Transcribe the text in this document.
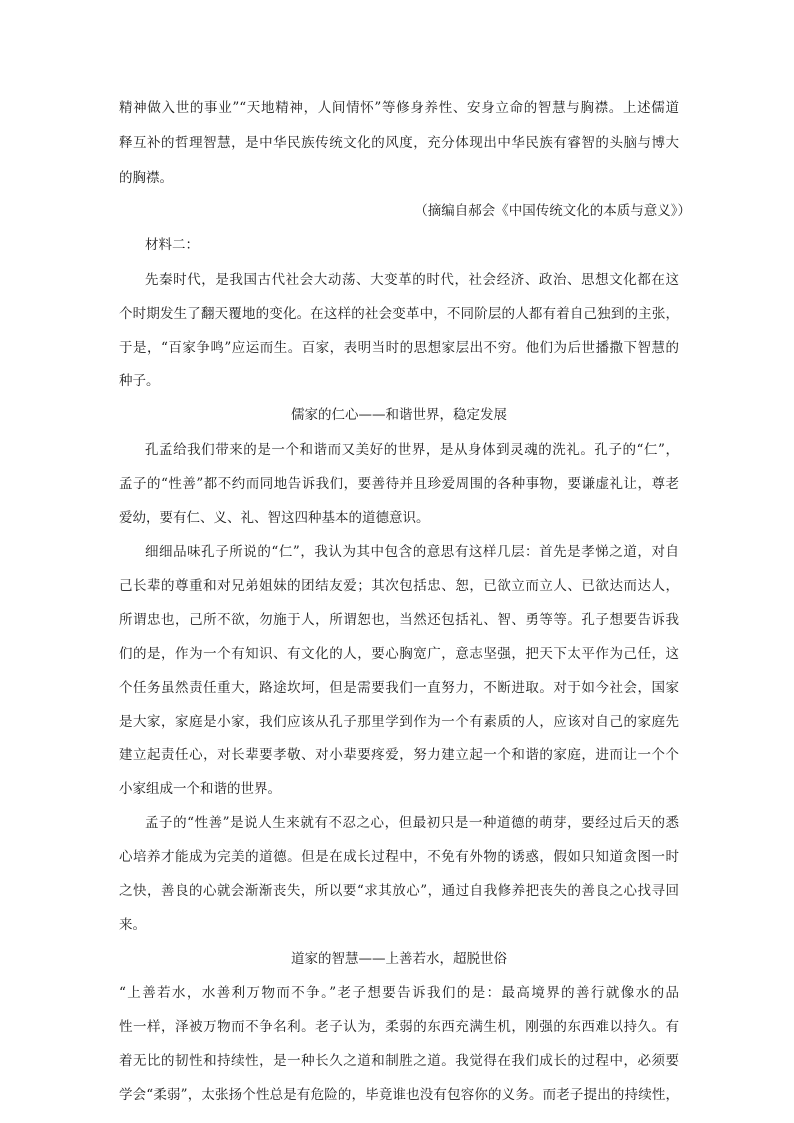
精神做入世的事业”“天地精神，人间情怀”等修身养性、安身立命的智慧与胸襟。上述儒道
释互补的哲理智慧，是中华民族传统文化的风度，充分体现出中华民族有睿智的头脑与博大
的胸襟。
（摘编自郝会《中国传统文化的本质与意义》）
材料二：
先秦时代，是我国古代社会大动荡、大变革的时代，社会经济、政治、思想文化都在这
个时期发生了翻天覆地的变化。在这样的社会变革中，不同阶层的人都有着自己独到的主张，
于是，“百家争鸣”应运而生。百家，表明当时的思想家层出不穷。他们为后世播撒下智慧的
种子。
儒家的仁心——和谐世界，稳定发展
孔孟给我们带来的是一个和谐而又美好的世界，是从身体到灵魂的洗礼。孔子的“仁”，
孟子的“性善”都不约而同地告诉我们，要善待并且珍爱周围的各种事物，要谦虚礼让，尊老
爱幼，要有仁、义、礼、智这四种基本的道德意识。
细细品味孔子所说的“仁”，我认为其中包含的意思有这样几层：首先是孝悌之道，对自
己长辈的尊重和对兄弟姐妹的团结友爱；其次包括忠、恕，已欲立而立人、已欲达而达人，
所谓忠也，己所不欲，勿施于人，所谓恕也，当然还包括礼、智、勇等等。孔子想要告诉我
们的是，作为一个有知识、有文化的人，要心胸宽广，意志坚强，把天下太平作为己任，这
个任务虽然责任重大，路途坎坷，但是需要我们一直努力，不断进取。对于如今社会，国家
是大家，家庭是小家，我们应该从孔子那里学到作为一个有素质的人，应该对自己的家庭先
建立起责任心，对长辈要孝敬、对小辈要疼爱，努力建立起一个和谐的家庭，进而让一个个
小家组成一个和谐的世界。
孟子的“性善”是说人生来就有不忍之心，但最初只是一种道德的萌芽，要经过后天的悉
心培养才能成为完美的道德。但是在成长过程中，不免有外物的诱惑，假如只知道贪图一时
之快，善良的心就会渐渐丧失，所以要“求其放心”，通过自我修养把丧失的善良之心找寻回
来。
道家的智慧——上善若水，超脱世俗
“上善若水，水善利万物而不争。”老子想要告诉我们的是：最高境界的善行就像水的品
性一样，泽被万物而不争名利。老子认为，柔弱的东西充满生机，刚强的东西难以持久。有
着无比的韧性和持续性，是一种长久之道和制胜之道。我觉得在我们成长的过程中，必须要
学会“柔弱”，太张扬个性总是有危险的，毕竟谁也没有包容你的义务。而老子提出的持续性，
